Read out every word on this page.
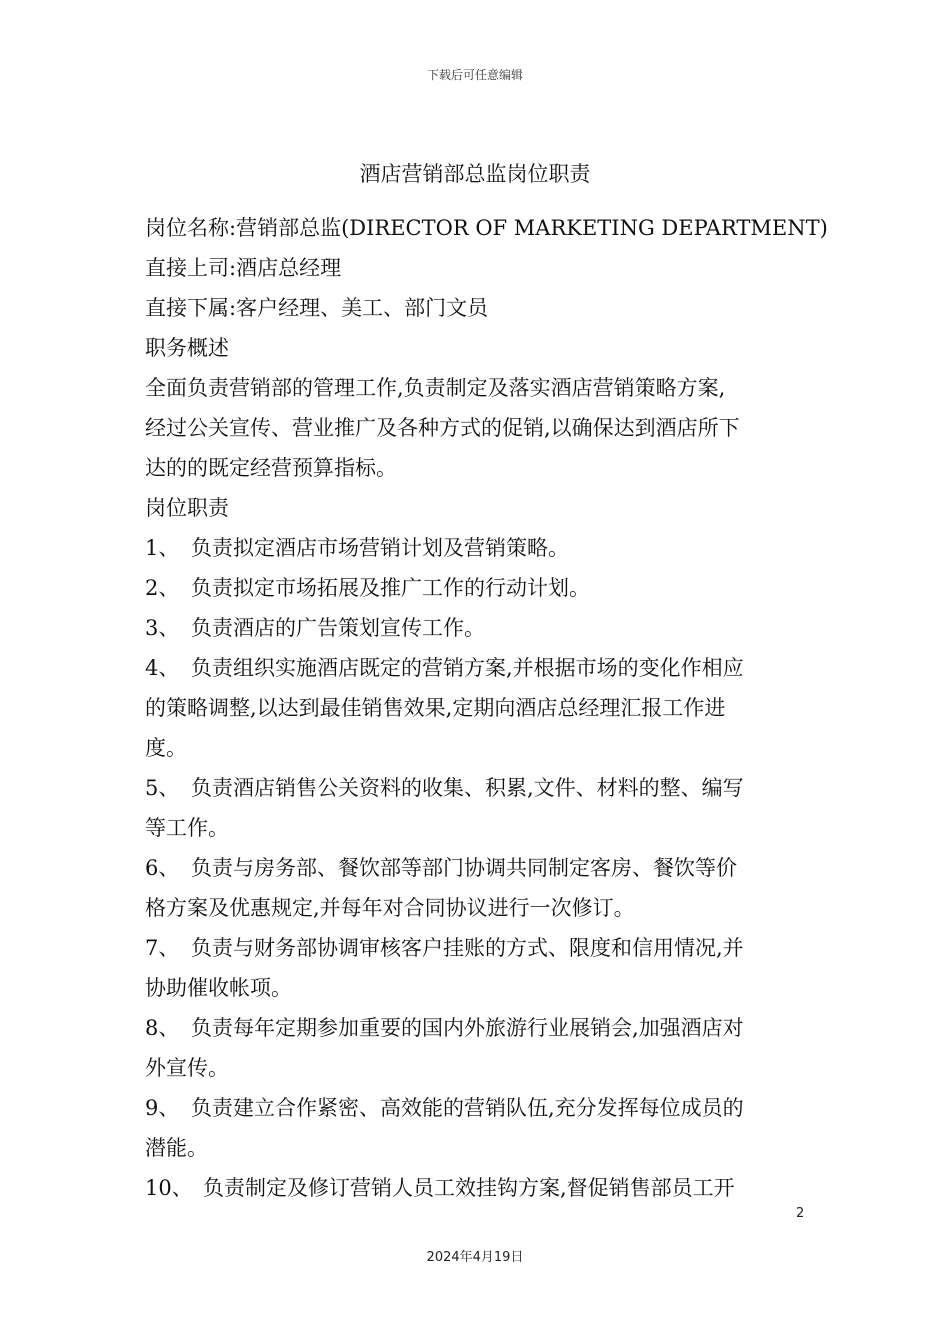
下载后可任意编辑
酒店营销部总监岗位职责
岗位名称:营销部总监(DIRECTOR OF MARKETING DEPARTMENT)
直接上司:酒店总经理
直接下属:客户经理、美工、部门文员
职务概述
全面负责营销部的管理工作,负责制定及落实酒店营销策略方案,
经过公关宣传、营业推广及各种方式的促销,以确保达到酒店所下
达的的既定经营预算指标。
岗位职责
1、 负责拟定酒店市场营销计划及营销策略。
2、 负责拟定市场拓展及推广工作的行动计划。
3、 负责酒店的广告策划宣传工作。
4、 负责组织实施酒店既定的营销方案,并根据市场的变化作相应
的策略调整,以达到最佳销售效果,定期向酒店总经理汇报工作进
度。
5、 负责酒店销售公关资料的收集、积累,文件、材料的整、编写
等工作。
6、 负责与房务部、餐饮部等部门协调共同制定客房、餐饮等价
格方案及优惠规定,并每年对合同协议进行一次修订。
7、 负责与财务部协调审核客户挂账的方式、限度和信用情况,并
协助催收帐项。
8、 负责每年定期参加重要的国内外旅游行业展销会,加强酒店对
外宣传。
9、 负责建立合作紧密、高效能的营销队伍,充分发挥每位成员的
潜能。
10、 负责制定及修订营销人员工效挂钩方案,督促销售部员工开
2
2024年4月19日
